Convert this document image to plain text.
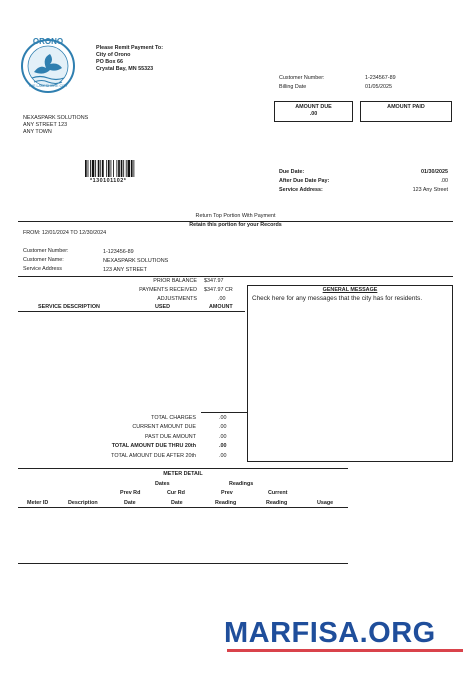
ORONO
THE LAKESHORE CITY
Please Remit Payment To:
City of Orono
PO Box 66
Crystal Bay, MN 55323
Customer Number:	1-234567-89
Billing Date	01/05/2025
AMOUNT DUE
.00
AMOUNT PAID
NEXASPARK SOLUTIONS
ANY STREET 123
ANY TOWN
*130101102*
Due Date:	01/30/2025
After Due Date Pay:	.00
Service Address:	123 Any Street
Return Top Portion With Payment
Retain this portion for your Records
FROM: 12/01/2024 TO 12/30/2024
Customer Number:	1-123456-89
Customer Name:	NEXASPARK SOLUTIONS
Service Address	123 ANY STREET
PRIOR BALANCE $347.97
PAYMENTS RECEIVED $347.97 CR
ADJUSTMENTS	.00
SERVICE DESCRIPTION	USED	AMOUNT
GENERAL MESSAGE
Check here for any messages that the city has for residents.
TOTAL CHARGES	.00
CURRENT AMOUNT DUE	.00
PAST DUE AMOUNT	.00
TOTAL AMOUNT DUE THRU 20th	.00
TOTAL AMOUNT DUE AFTER 20th	.00
METER DETAIL
Dates	Readings
Prev Rd	Cur Rd	Prev	Current
Meter ID	Description	Date	Date	Reading	Reading	Usage
MARFISA.ORG
